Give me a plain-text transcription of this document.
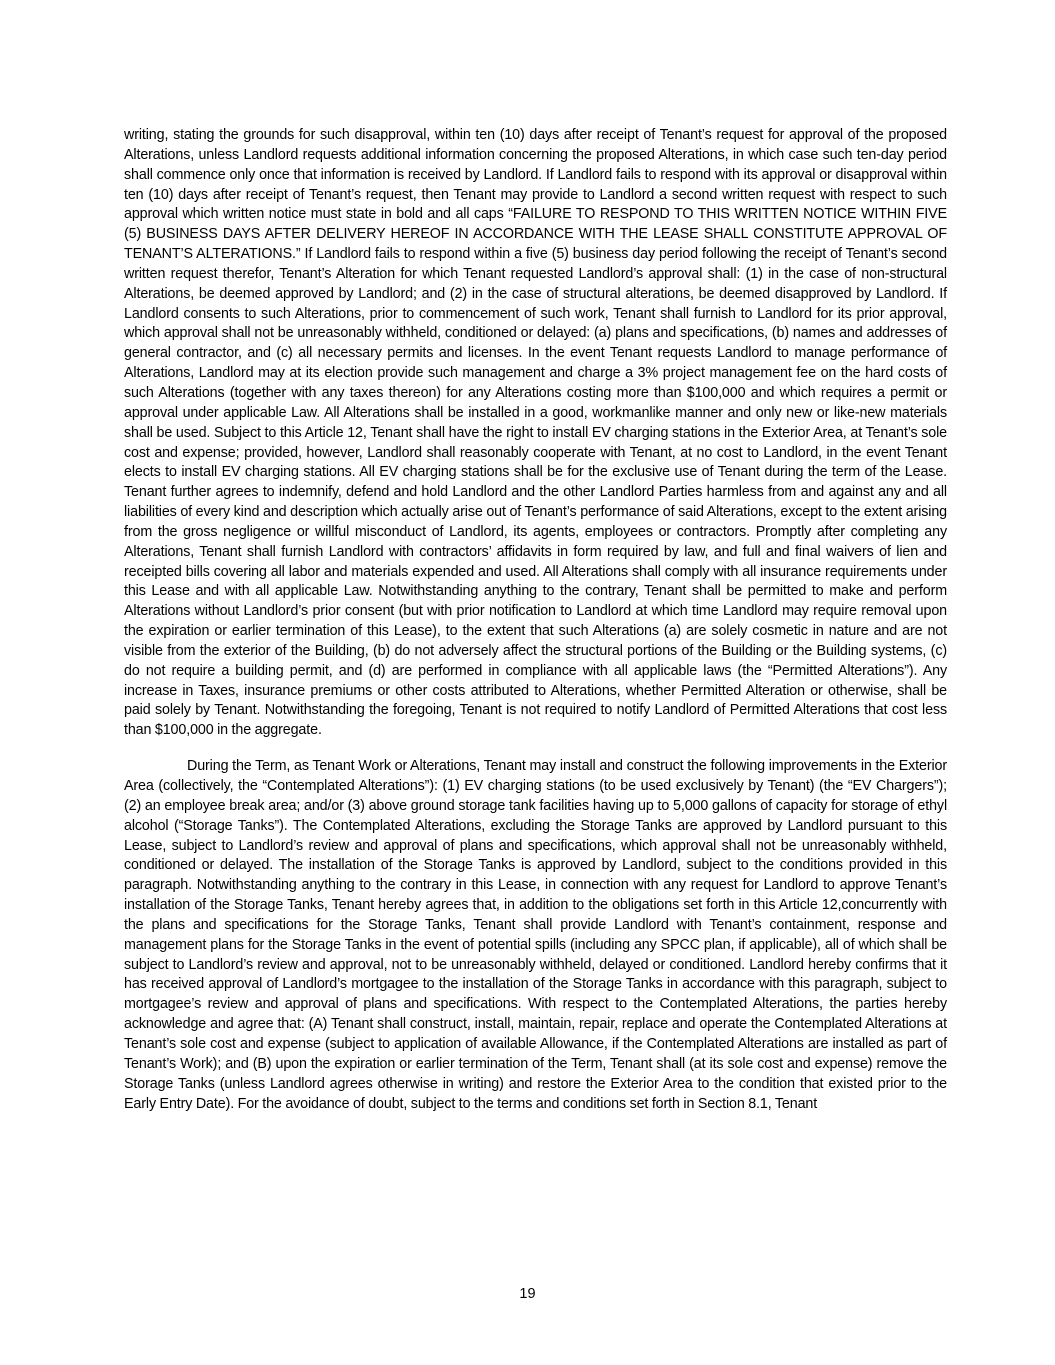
writing, stating the grounds for such disapproval, within ten (10) days after receipt of Tenant’s request for approval of the proposed Alterations, unless Landlord requests additional information concerning the proposed Alterations, in which case such ten-day period shall commence only once that information is received by Landlord. If Landlord fails to respond with its approval or disapproval within ten (10) days after receipt of Tenant’s request, then Tenant may provide to Landlord a second written request with respect to such approval which written notice must state in bold and all caps “FAILURE TO RESPOND TO THIS WRITTEN NOTICE WITHIN FIVE (5) BUSINESS DAYS AFTER DELIVERY HEREOF IN ACCORDANCE WITH THE LEASE SHALL CONSTITUTE APPROVAL OF TENANT’S ALTERATIONS.” If Landlord fails to respond within a five (5) business day period following the receipt of Tenant’s second written request therefor, Tenant’s Alteration for which Tenant requested Landlord’s approval shall: (1) in the case of non-structural Alterations, be deemed approved by Landlord; and (2) in the case of structural alterations, be deemed disapproved by Landlord. If Landlord consents to such Alterations, prior to commencement of such work, Tenant shall furnish to Landlord for its prior approval, which approval shall not be unreasonably withheld, conditioned or delayed: (a) plans and specifications, (b) names and addresses of general contractor, and (c) all necessary permits and licenses. In the event Tenant requests Landlord to manage performance of Alterations, Landlord may at its election provide such management and charge a 3% project management fee on the hard costs of such Alterations (together with any taxes thereon) for any Alterations costing more than $100,000 and which requires a permit or approval under applicable Law. All Alterations shall be installed in a good, workmanlike manner and only new or like-new materials shall be used. Subject to this Article 12, Tenant shall have the right to install EV charging stations in the Exterior Area, at Tenant’s sole cost and expense; provided, however, Landlord shall reasonably cooperate with Tenant, at no cost to Landlord, in the event Tenant elects to install EV charging stations. All EV charging stations shall be for the exclusive use of Tenant during the term of the Lease. Tenant further agrees to indemnify, defend and hold Landlord and the other Landlord Parties harmless from and against any and all liabilities of every kind and description which actually arise out of Tenant’s performance of said Alterations, except to the extent arising from the gross negligence or willful misconduct of Landlord, its agents, employees or contractors. Promptly after completing any Alterations, Tenant shall furnish Landlord with contractors’ affidavits in form required by law, and full and final waivers of lien and receipted bills covering all labor and materials expended and used. All Alterations shall comply with all insurance requirements under this Lease and with all applicable Law. Notwithstanding anything to the contrary, Tenant shall be permitted to make and perform Alterations without Landlord’s prior consent (but with prior notification to Landlord at which time Landlord may require removal upon the expiration or earlier termination of this Lease), to the extent that such Alterations (a) are solely cosmetic in nature and are not visible from the exterior of the Building, (b) do not adversely affect the structural portions of the Building or the Building systems, (c) do not require a building permit, and (d) are performed in compliance with all applicable laws (the “Permitted Alterations”). Any increase in Taxes, insurance premiums or other costs attributed to Alterations, whether Permitted Alteration or otherwise, shall be paid solely by Tenant. Notwithstanding the foregoing, Tenant is not required to notify Landlord of Permitted Alterations that cost less than $100,000 in the aggregate.

During the Term, as Tenant Work or Alterations, Tenant may install and construct the following improvements in the Exterior Area (collectively, the “Contemplated Alterations”): (1) EV charging stations (to be used exclusively by Tenant) (the “EV Chargers”); (2) an employee break area; and/or (3) above ground storage tank facilities having up to 5,000 gallons of capacity for storage of ethyl alcohol (“Storage Tanks”). The Contemplated Alterations, excluding the Storage Tanks are approved by Landlord pursuant to this Lease, subject to Landlord’s review and approval of plans and specifications, which approval shall not be unreasonably withheld, conditioned or delayed. The installation of the Storage Tanks is approved by Landlord, subject to the conditions provided in this paragraph. Notwithstanding anything to the contrary in this Lease, in connection with any request for Landlord to approve Tenant’s installation of the Storage Tanks, Tenant hereby agrees that, in addition to the obligations set forth in this Article 12,concurrently with the plans and specifications for the Storage Tanks, Tenant shall provide Landlord with Tenant’s containment, response and management plans for the Storage Tanks in the event of potential spills (including any SPCC plan, if applicable), all of which shall be subject to Landlord’s review and approval, not to be unreasonably withheld, delayed or conditioned. Landlord hereby confirms that it has received approval of Landlord’s mortgagee to the installation of the Storage Tanks in accordance with this paragraph, subject to mortgagee’s review and approval of plans and specifications. With respect to the Contemplated Alterations, the parties hereby acknowledge and agree that: (A) Tenant shall construct, install, maintain, repair, replace and operate the Contemplated Alterations at Tenant’s sole cost and expense (subject to application of available Allowance, if the Contemplated Alterations are installed as part of Tenant’s Work); and (B) upon the expiration or earlier termination of the Term, Tenant shall (at its sole cost and expense) remove the Storage Tanks (unless Landlord agrees otherwise in writing) and restore the Exterior Area to the condition that existed prior to the Early Entry Date). For the avoidance of doubt, subject to the terms and conditions set forth in Section 8.1, Tenant

19
